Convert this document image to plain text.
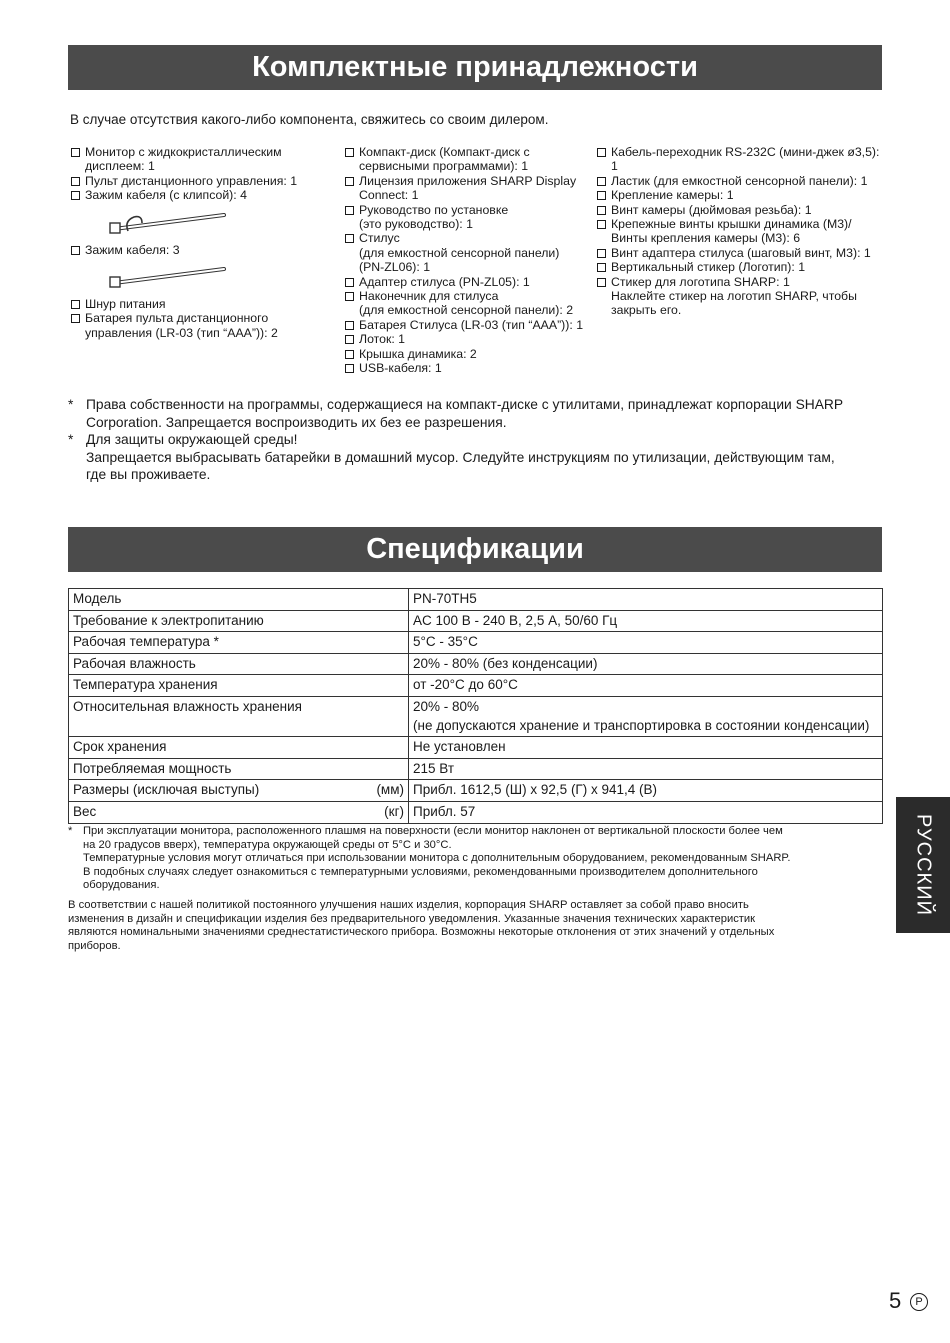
Комплектные принадлежности
В случае отсутствия какого-либо компонента, свяжитесь со своим дилером.
Монитор с жидкокристаллическим
дисплеем: 1
Пульт дистанционного управления: 1
Зажим кабеля (с клипсой): 4
Зажим кабеля: 3
Шнур питания
Батарея пульта дистанционного
управления (LR-03 (тип “AAA”)): 2
Компакт-диск (Компакт-диск с
сервисными программами): 1
Лицензия приложения SHARP Display
Connect: 1
Руководство по установке
(это руководство): 1
Стилус
(для емкостной сенсорной панели)
(PN-ZL06): 1
Адаптер стилуса (PN-ZL05): 1
Наконечник для стилуса
(для емкостной сенсорной панели): 2
Батарея Стилуса (LR-03 (тип “AAA”)): 1
Лоток: 1
Крышка динамика: 2
USB-кабеля: 1
Кабель-переходник RS-232C (мини-джек ø3,5): 1
Ластик (для емкостной сенсорной панели): 1
Крепление камеры: 1
Винт камеры (дюймовая резьба): 1
Крепежные винты крышки динамика (M3)/
Винты крепления камеры (M3): 6
Винт адаптера стилуса (шаговый винт, M3): 1
Вертикальный стикер (Логотип): 1
Стикер для логотипа SHARP: 1
Наклейте стикер на логотип SHARP, чтобы
закрыть его.
* Права собственности на программы, содержащиеся на компакт-диске с утилитами, принадлежат корпорации SHARP
Corporation. Запрещается воспроизводить их без ее разрешения.
* Для защиты окружающей среды!
Запрещается выбрасывать батарейки в домашний мусор. Следуйте инструкциям по утилизации, действующим там,
где вы проживаете.
Спецификации
Модель	PN-70TH5

Требование к электропитанию	AC 100 В - 240 В, 2,5 А, 50/60 Гц

Рабочая температура *	5°C - 35°C

Рабочая влажность	20% - 80% (без конденсации)

Температура хранения	от -20°C до 60°C

Относительная влажность хранения	20% - 80%
(не допускаются хранение и транспортировка в состоянии конденсации)

Срок хранения	Не установлен

Потребляемая мощность	215 Вт

(мм)
Размеры (исключая выступы)	Прибл. 1612,5 (Ш) x 92,5 (Г) x 941,4 (В)

(кг)
Вес	Прибл. 57
* При эксплуатации монитора, расположенного плашмя на поверхности (если монитор наклонен от вертикальной плоскости более чем
на 20 градусов вверх), температура окружающей среды от 5°C и 30°C.
Температурные условия могут отличаться при использовании монитора с дополнительным оборудованием, рекомендованным SHARP.
В подобных случаях следует ознакомиться с температурными условиями, рекомендованными производителем дополнительного
оборудования.
В соответствии с нашей политикой постоянного улучшения наших изделия, корпорация SHARP оставляет за собой право вносить
изменения в дизайн и спецификации изделия без предварительного уведомления. Указанные значения технических характеристик
являются номинальными значениями среднестатистического прибора. Возможны некоторые отклонения от этих значений у отдельных
приборов.
РУССКИЙ
5	P
